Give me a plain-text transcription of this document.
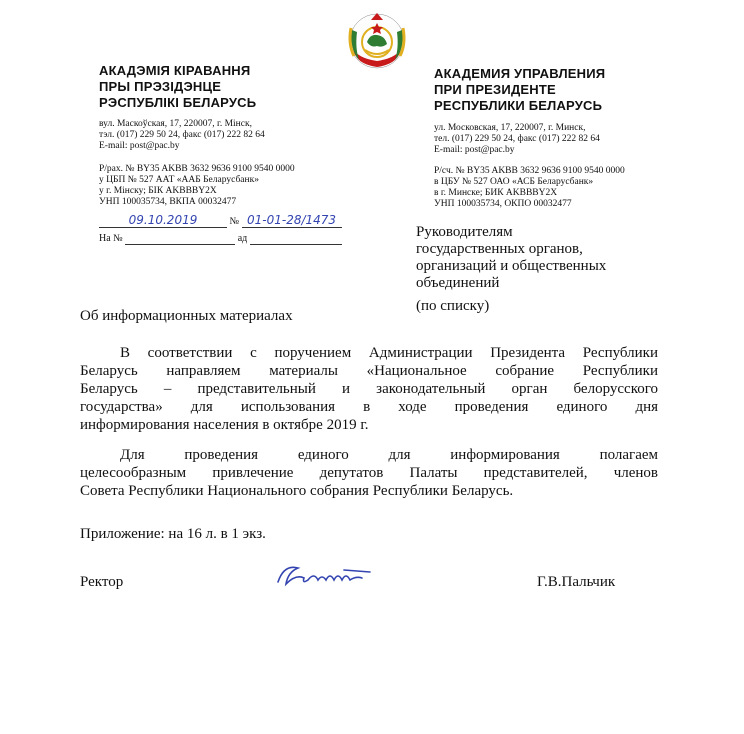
АКАДЭМІЯ КІРАВАННЯ
ПРЫ ПРЭЗІДЭНЦЕ
РЭСПУБЛІКІ БЕЛАРУСЬ
вул. Маскоўская, 17, 220007, г. Мінск,
тэл. (017) 229 50 24, факс (017) 222 82 64
E-mail: post@pac.by
Р/рах. № BY35 AKBB 3632 9636 9100 9540 0000
у ЦБП № 527 ААТ «ААБ Беларусбанк»
у г. Мінску; БІК AKBBBY2X
УНП 100035734, ВКПА 00032477
АКАДЕМИЯ УПРАВЛЕНИЯ
ПРИ ПРЕЗИДЕНТЕ
РЕСПУБЛИКИ БЕЛАРУСЬ
ул. Московская, 17, 220007, г. Минск,
тел. (017) 229 50 24, факс (017) 222 82 64
E-mail: post@pac.by
Р/сч. № BY35 AKBB 3632 9636 9100 9540 0000
в ЦБУ № 527 ОАО «АСБ Беларусбанк»
в г. Минске; БИК AKBBBY2X
УНП 100035734, ОКПО 00032477
09.10.2019	№ 01-01-28/1473
На №	ад	Руководителям
государственных органов,
организаций и общественных
объединений
(по списку)
Об информационных материалах
В соответствии с поручением Администрации Президента Республики
Беларусь направляем материалы «Национальное собрание Республики
Беларусь – представительный и законодательный орган белорусского
государства» для использования в ходе проведения единого дня
информирования населения в октябре 2019 г.
Для проведения единого для информирования полагаем
целесообразным привлечение депутатов Палаты представителей, членов
Совета Республики Национального собрания Республики Беларусь.
Приложение: на 16 л. в 1 экз.
Ректор	Г.В.Пальчик
